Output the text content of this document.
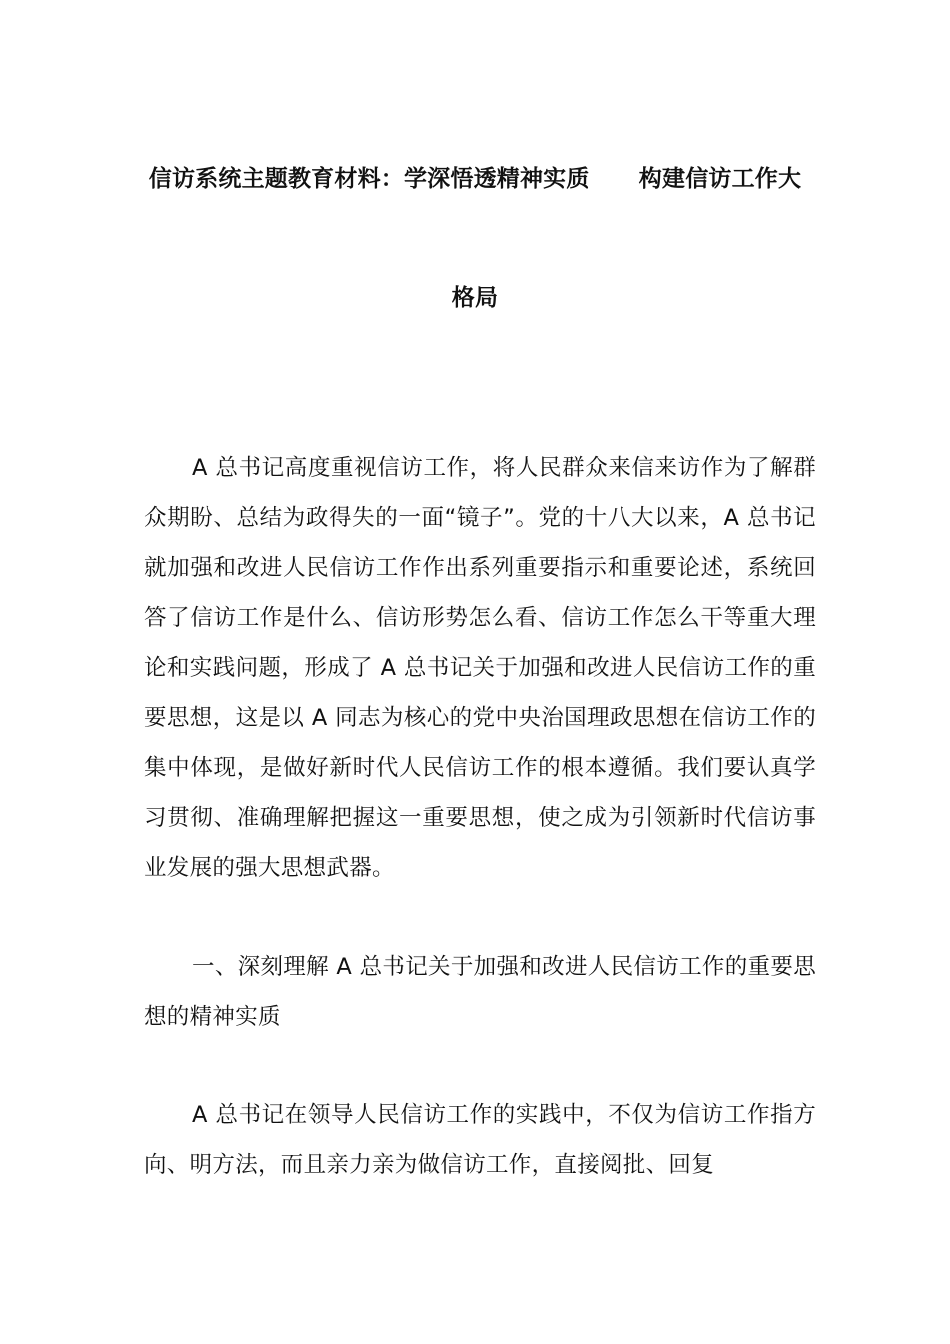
信访系统主题教育材料：学深悟透精神实质      构建信访工作大
格局

A 总书记高度重视信访工作，将人民群众来信来访作为了解群众期盼、总结为政得失的一面“镜子”。党的十八大以来，A 总书记就加强和改进人民信访工作作出系列重要指示和重要论述，系统回答了信访工作是什么、信访形势怎么看、信访工作怎么干等重大理论和实践问题，形成了 A 总书记关于加强和改进人民信访工作的重要思想，这是以 A 同志为核心的党中央治国理政思想在信访工作的集中体现，是做好新时代人民信访工作的根本遵循。我们要认真学习贯彻、准确理解把握这一重要思想，使之成为引领新时代信访事业发展的强大思想武器。

一、深刻理解 A 总书记关于加强和改进人民信访工作的重要思想的精神实质

A 总书记在领导人民信访工作的实践中，不仅为信访工作指方向、明方法，而且亲力亲为做信访工作，直接阅批、回复
